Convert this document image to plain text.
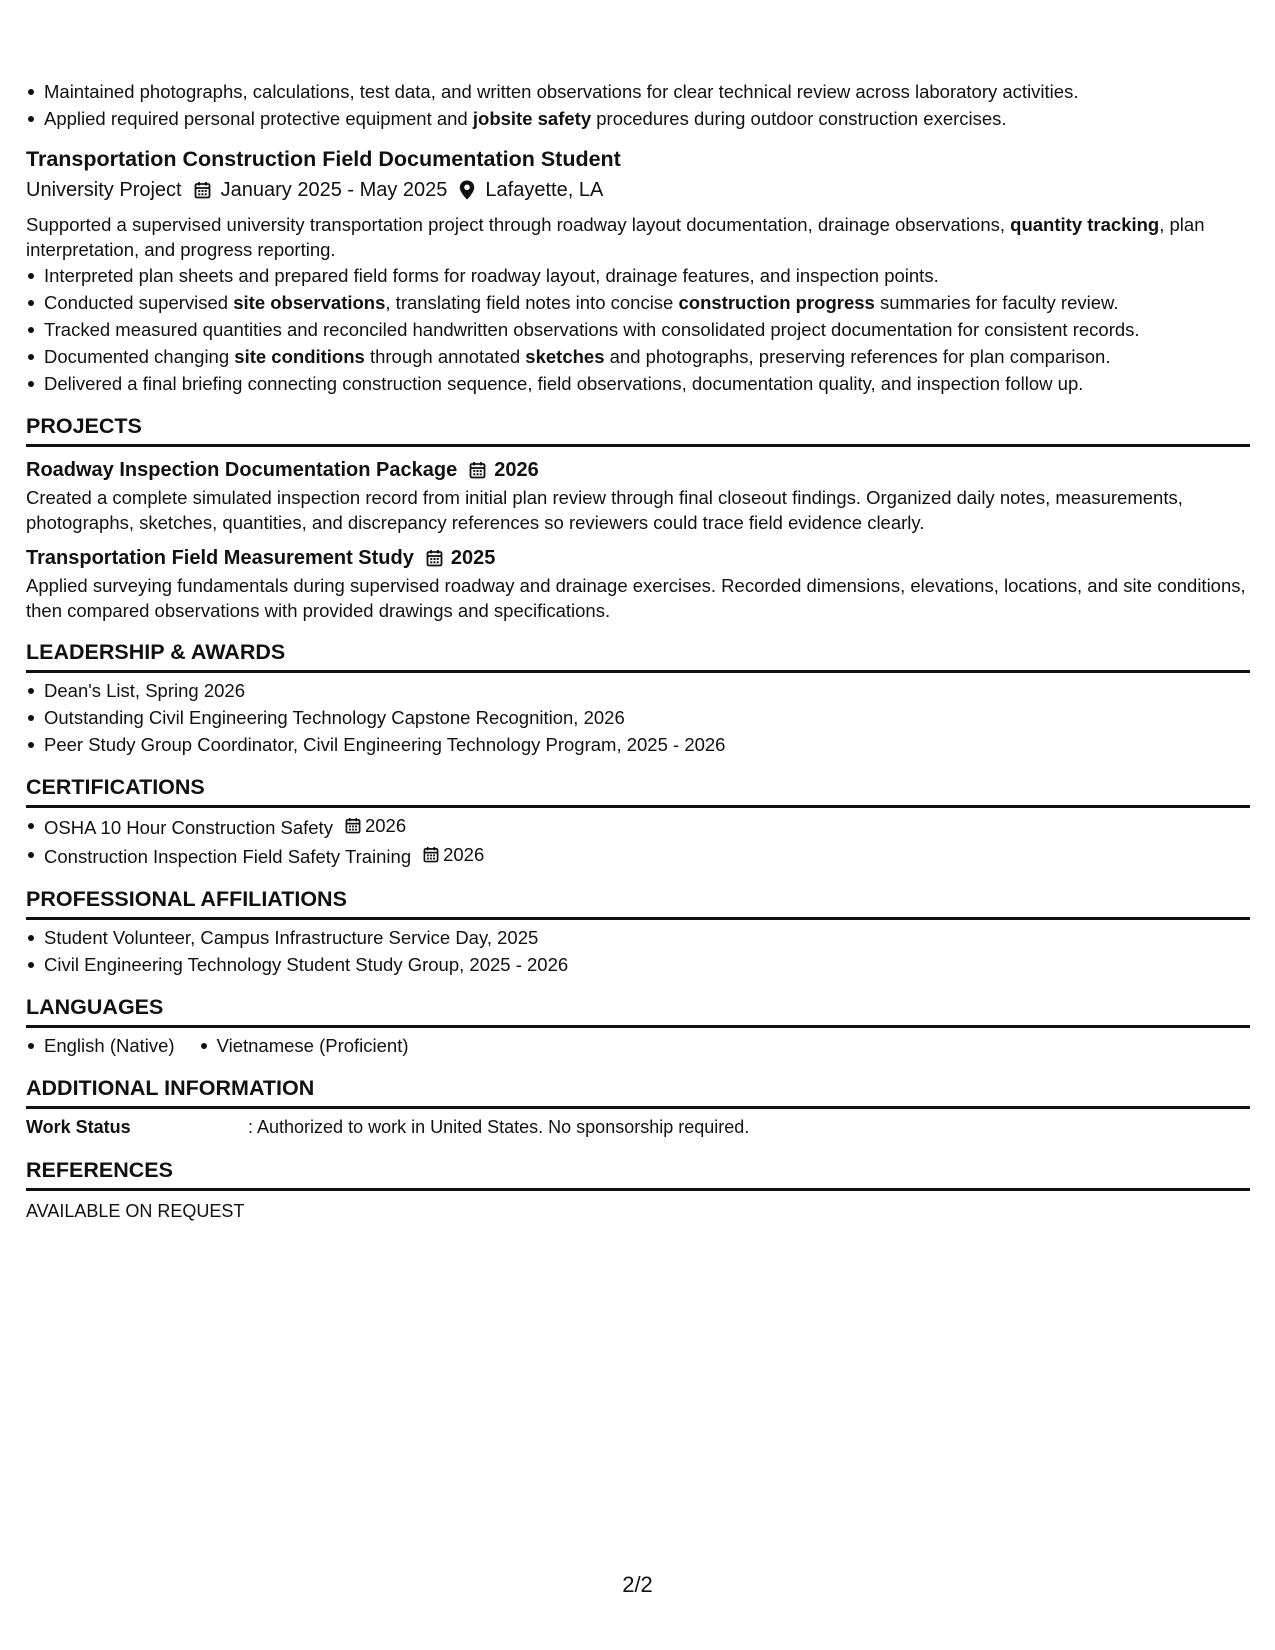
Maintained photographs, calculations, test data, and written observations for clear technical review across laboratory activities.
Applied required personal protective equipment and jobsite safety procedures during outdoor construction exercises.
Transportation Construction Field Documentation Student
University Project January 2025 - May 2025 Lafayette, LA
Supported a supervised university transportation project through roadway layout documentation, drainage observations, quantity tracking, plan interpretation, and progress reporting.
Interpreted plan sheets and prepared field forms for roadway layout, drainage features, and inspection points.
Conducted supervised site observations, translating field notes into concise construction progress summaries for faculty review.
Tracked measured quantities and reconciled handwritten observations with consolidated project documentation for consistent records.
Documented changing site conditions through annotated sketches and photographs, preserving references for plan comparison.
Delivered a final briefing connecting construction sequence, field observations, documentation quality, and inspection follow up.
PROJECTS
Roadway Inspection Documentation Package 2026
Created a complete simulated inspection record from initial plan review through final closeout findings. Organized daily notes, measurements, photographs, sketches, quantities, and discrepancy references so reviewers could trace field evidence clearly.
Transportation Field Measurement Study 2025
Applied surveying fundamentals during supervised roadway and drainage exercises. Recorded dimensions, elevations, locations, and site conditions, then compared observations with provided drawings and specifications.
LEADERSHIP & AWARDS
Dean's List, Spring 2026
Outstanding Civil Engineering Technology Capstone Recognition, 2026
Peer Study Group Coordinator, Civil Engineering Technology Program, 2025 - 2026
CERTIFICATIONS
OSHA 10 Hour Construction Safety 2026
Construction Inspection Field Safety Training 2026
PROFESSIONAL AFFILIATIONS
Student Volunteer, Campus Infrastructure Service Day, 2025
Civil Engineering Technology Student Study Group, 2025 - 2026
LANGUAGES
English (Native)	Vietnamese (Proficient)
ADDITIONAL INFORMATION
Work Status	: Authorized to work in United States. No sponsorship required.
REFERENCES
AVAILABLE ON REQUEST
2/2
